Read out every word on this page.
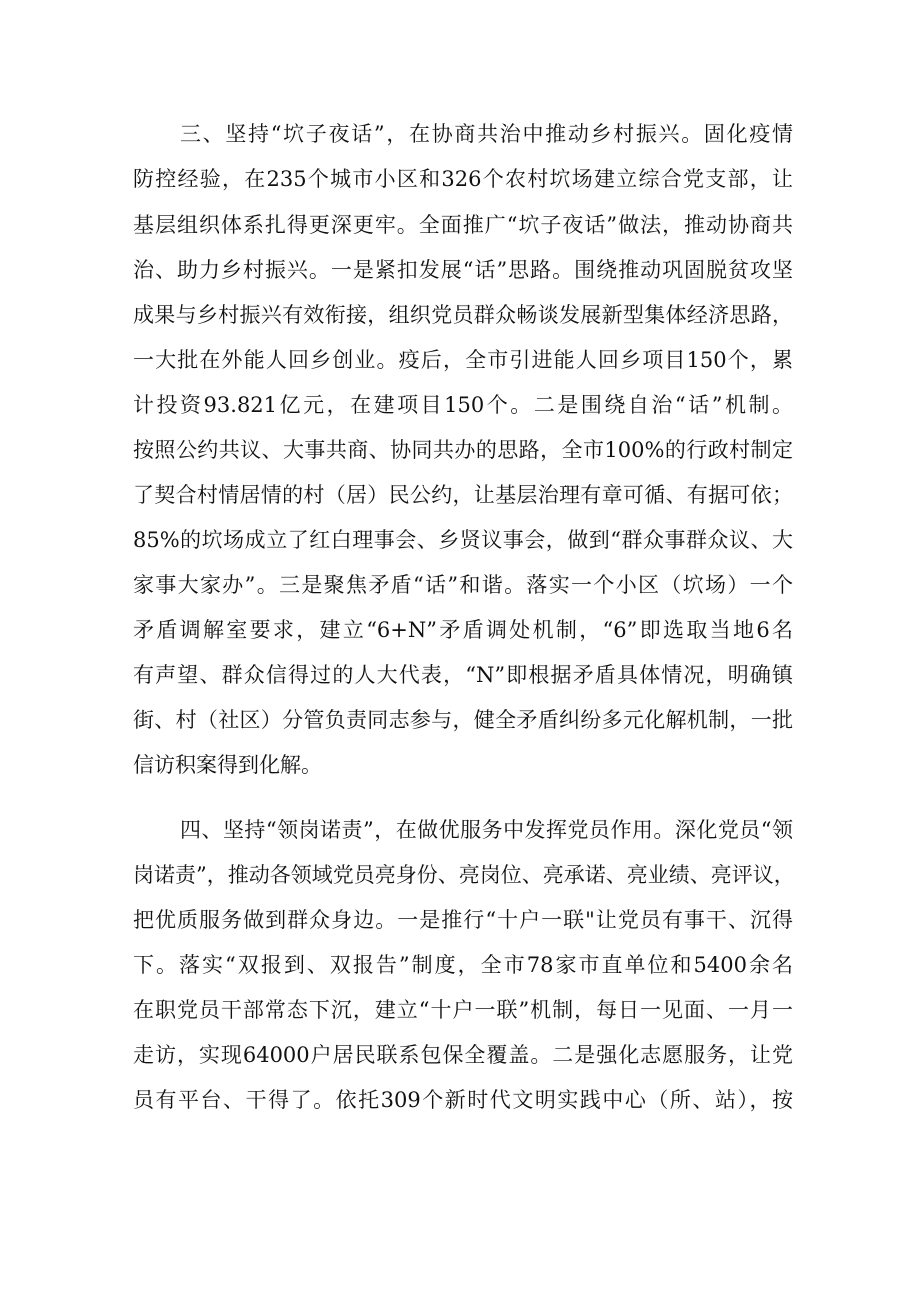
三、坚持“坹子夜话”，在协商共治中推动乡村振兴。固化疫情
防控经验，在235个城市小区和326个农村坹场建立综合党支部，让
基层组织体系扎得更深更牢。全面推广“坹子夜话”做法，推动协商共
治、助力乡村振兴。一是紧扣发展“话”思路。围绕推动巩固脱贫攻坚
成果与乡村振兴有效衔接，组织党员群众畅谈发展新型集体经济思路，
一大批在外能人回乡创业。疫后，全市引进能人回乡项目150个，累
计投资93.821亿元，在建项目150个。二是围绕自治“话”机制。
按照公约共议、大事共商、协同共办的思路，全市100%的行政村制定
了契合村情居情的村（居）民公约，让基层治理有章可循、有据可依；
85%的坹场成立了红白理事会、乡贤议事会，做到“群众事群众议、大
家事大家办”。三是聚焦矛盾“话”和谐。落实一个小区（坹场）一个
矛盾调解室要求，建立“6+N”矛盾调处机制，“6”即选取当地6名
有声望、群众信得过的人大代表，“N”即根据矛盾具体情况，明确镇
街、村（社区）分管负责同志参与，健全矛盾纠纷多元化解机制，一批
信访积案得到化解。
四、坚持“领岗诺责”，在做优服务中发挥党员作用。深化党员“领
岗诺责”，推动各领域党员亮身份、亮岗位、亮承诺、亮业绩、亮评议，
把优质服务做到群众身边。一是推行“十户一联"让党员有事干、沉得
下。落实“双报到、双报告”制度，全市78家市直单位和5400余名
在职党员干部常态下沉，建立“十户一联”机制，每日一见面、一月一
走访，实现64000户居民联系包保全覆盖。二是强化志愿服务，让党
员有平台、干得了。依托309个新时代文明实践中心（所、站），按
